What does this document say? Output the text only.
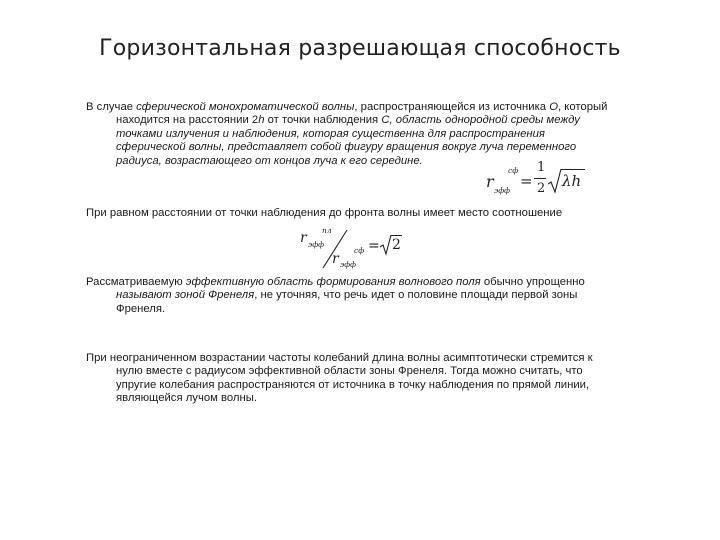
Горизонтальная разрешающая способность
В случае сферической монохроматической волны, распространяющейся из источника О, который
находится на расстоянии 2h от точки наблюдения С, область однородной среды между
точками излучения и наблюдения, которая существенна для распространения
сферической волны, представляет собой фигуру вращения вокруг луча переменного
радиуса, возрастающего от концов луча к его середине.
r
сф
эфф
=
1
2 λh
При равном расстоянии от точки наблюдения до фронта волны имеет место соотношение
r пл
эфф
r
сф
эфф
= 2
Рассматриваемую эффективную область формирования волнового поля обычно упрощенно
называют зоной Френеля, не уточняя, что речь идет о половине площади первой зоны
Френеля.
При неограниченном возрастании частоты колебаний длина волны асимптотически стремится к
нулю вместе с радиусом эффективной области зоны Френеля. Тогда можно считать, что
упругие колебания распространяются от источника в точку наблюдения по прямой линии,
являющейся лучом волны.
